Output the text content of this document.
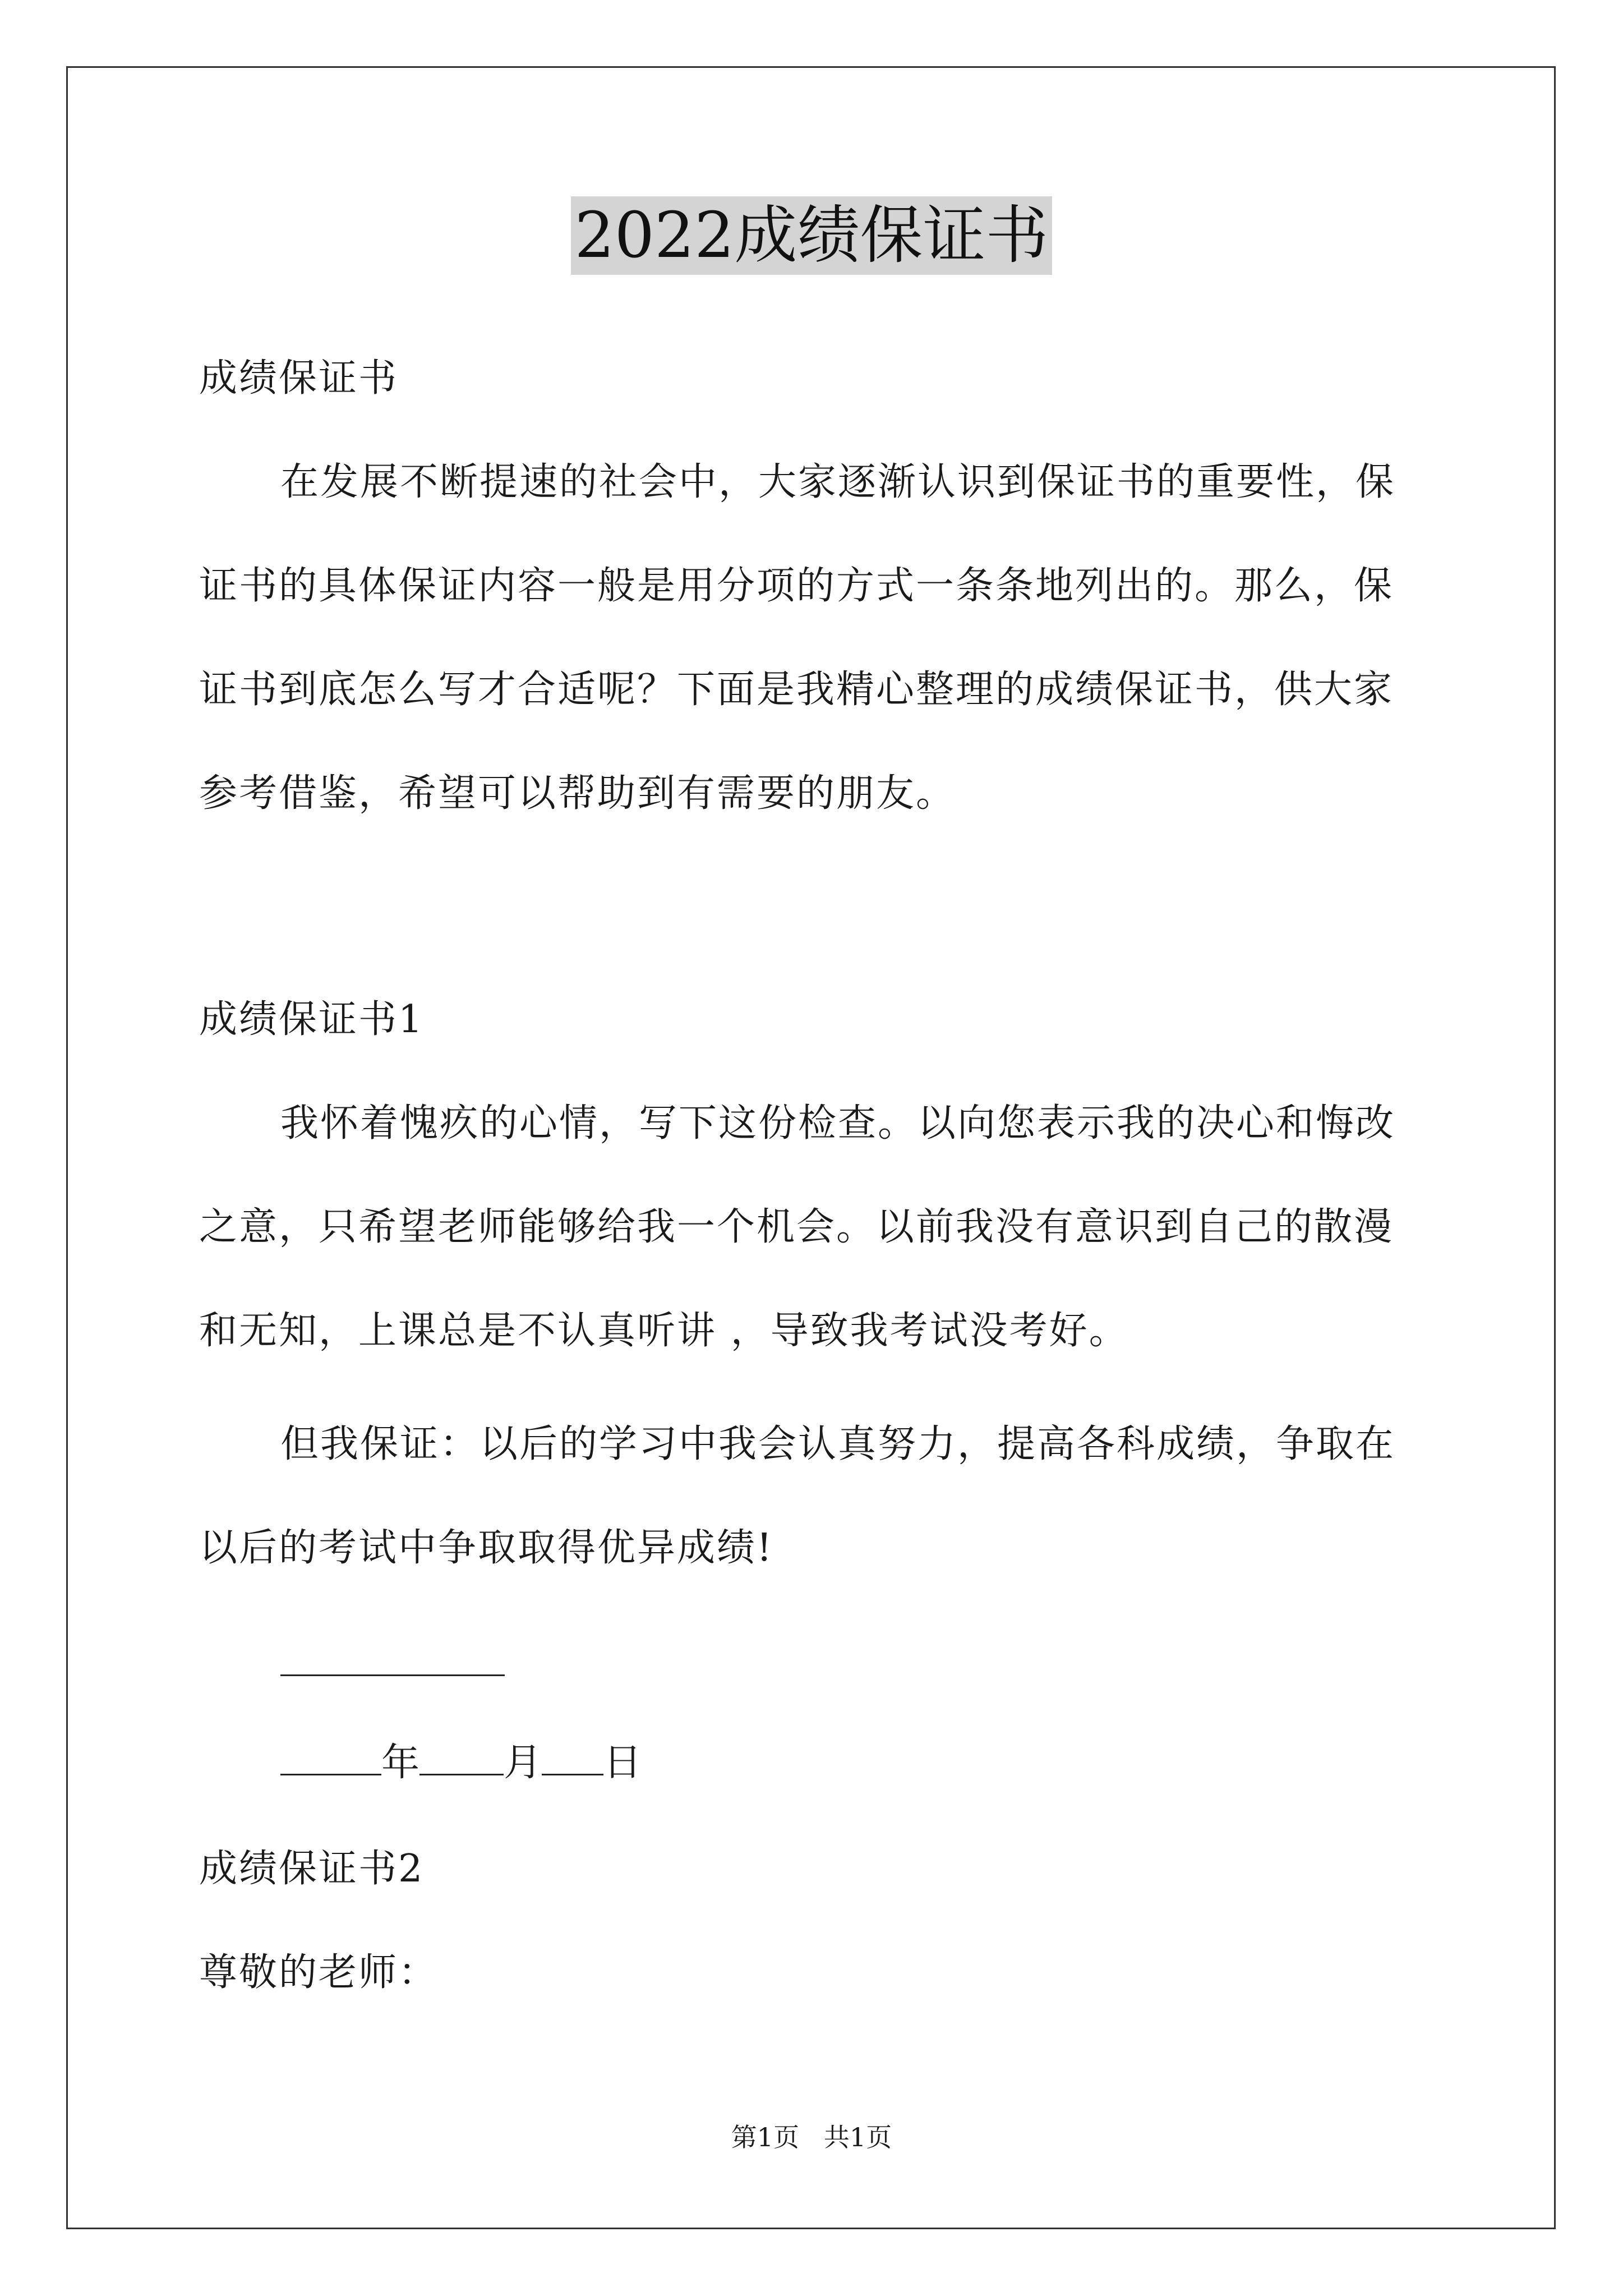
2022成绩保证书
成绩保证书
在发展不断提速的社会中，大家逐渐认识到保证书的重要性，保
证书的具体保证内容一般是用分项的方式一条条地列出的。那么，保
证书到底怎么写才合适呢？下面是我精心整理的成绩保证书，供大家
参考借鉴，希望可以帮助到有需要的朋友。
成绩保证书1
我怀着愧疚的心情，写下这份检查。以向您表示我的决心和悔改
之意，只希望老师能够给我一个机会。以前我没有意识到自己的散漫
和无知，上课总是不认真听讲 ，导致我考试没考好。
但我保证：以后的学习中我会认真努力，提高各科成绩，争取在
以后的考试中争取取得优异成绩!
年 月 日
成绩保证书2
尊敬的老师：
第1页   共1页
